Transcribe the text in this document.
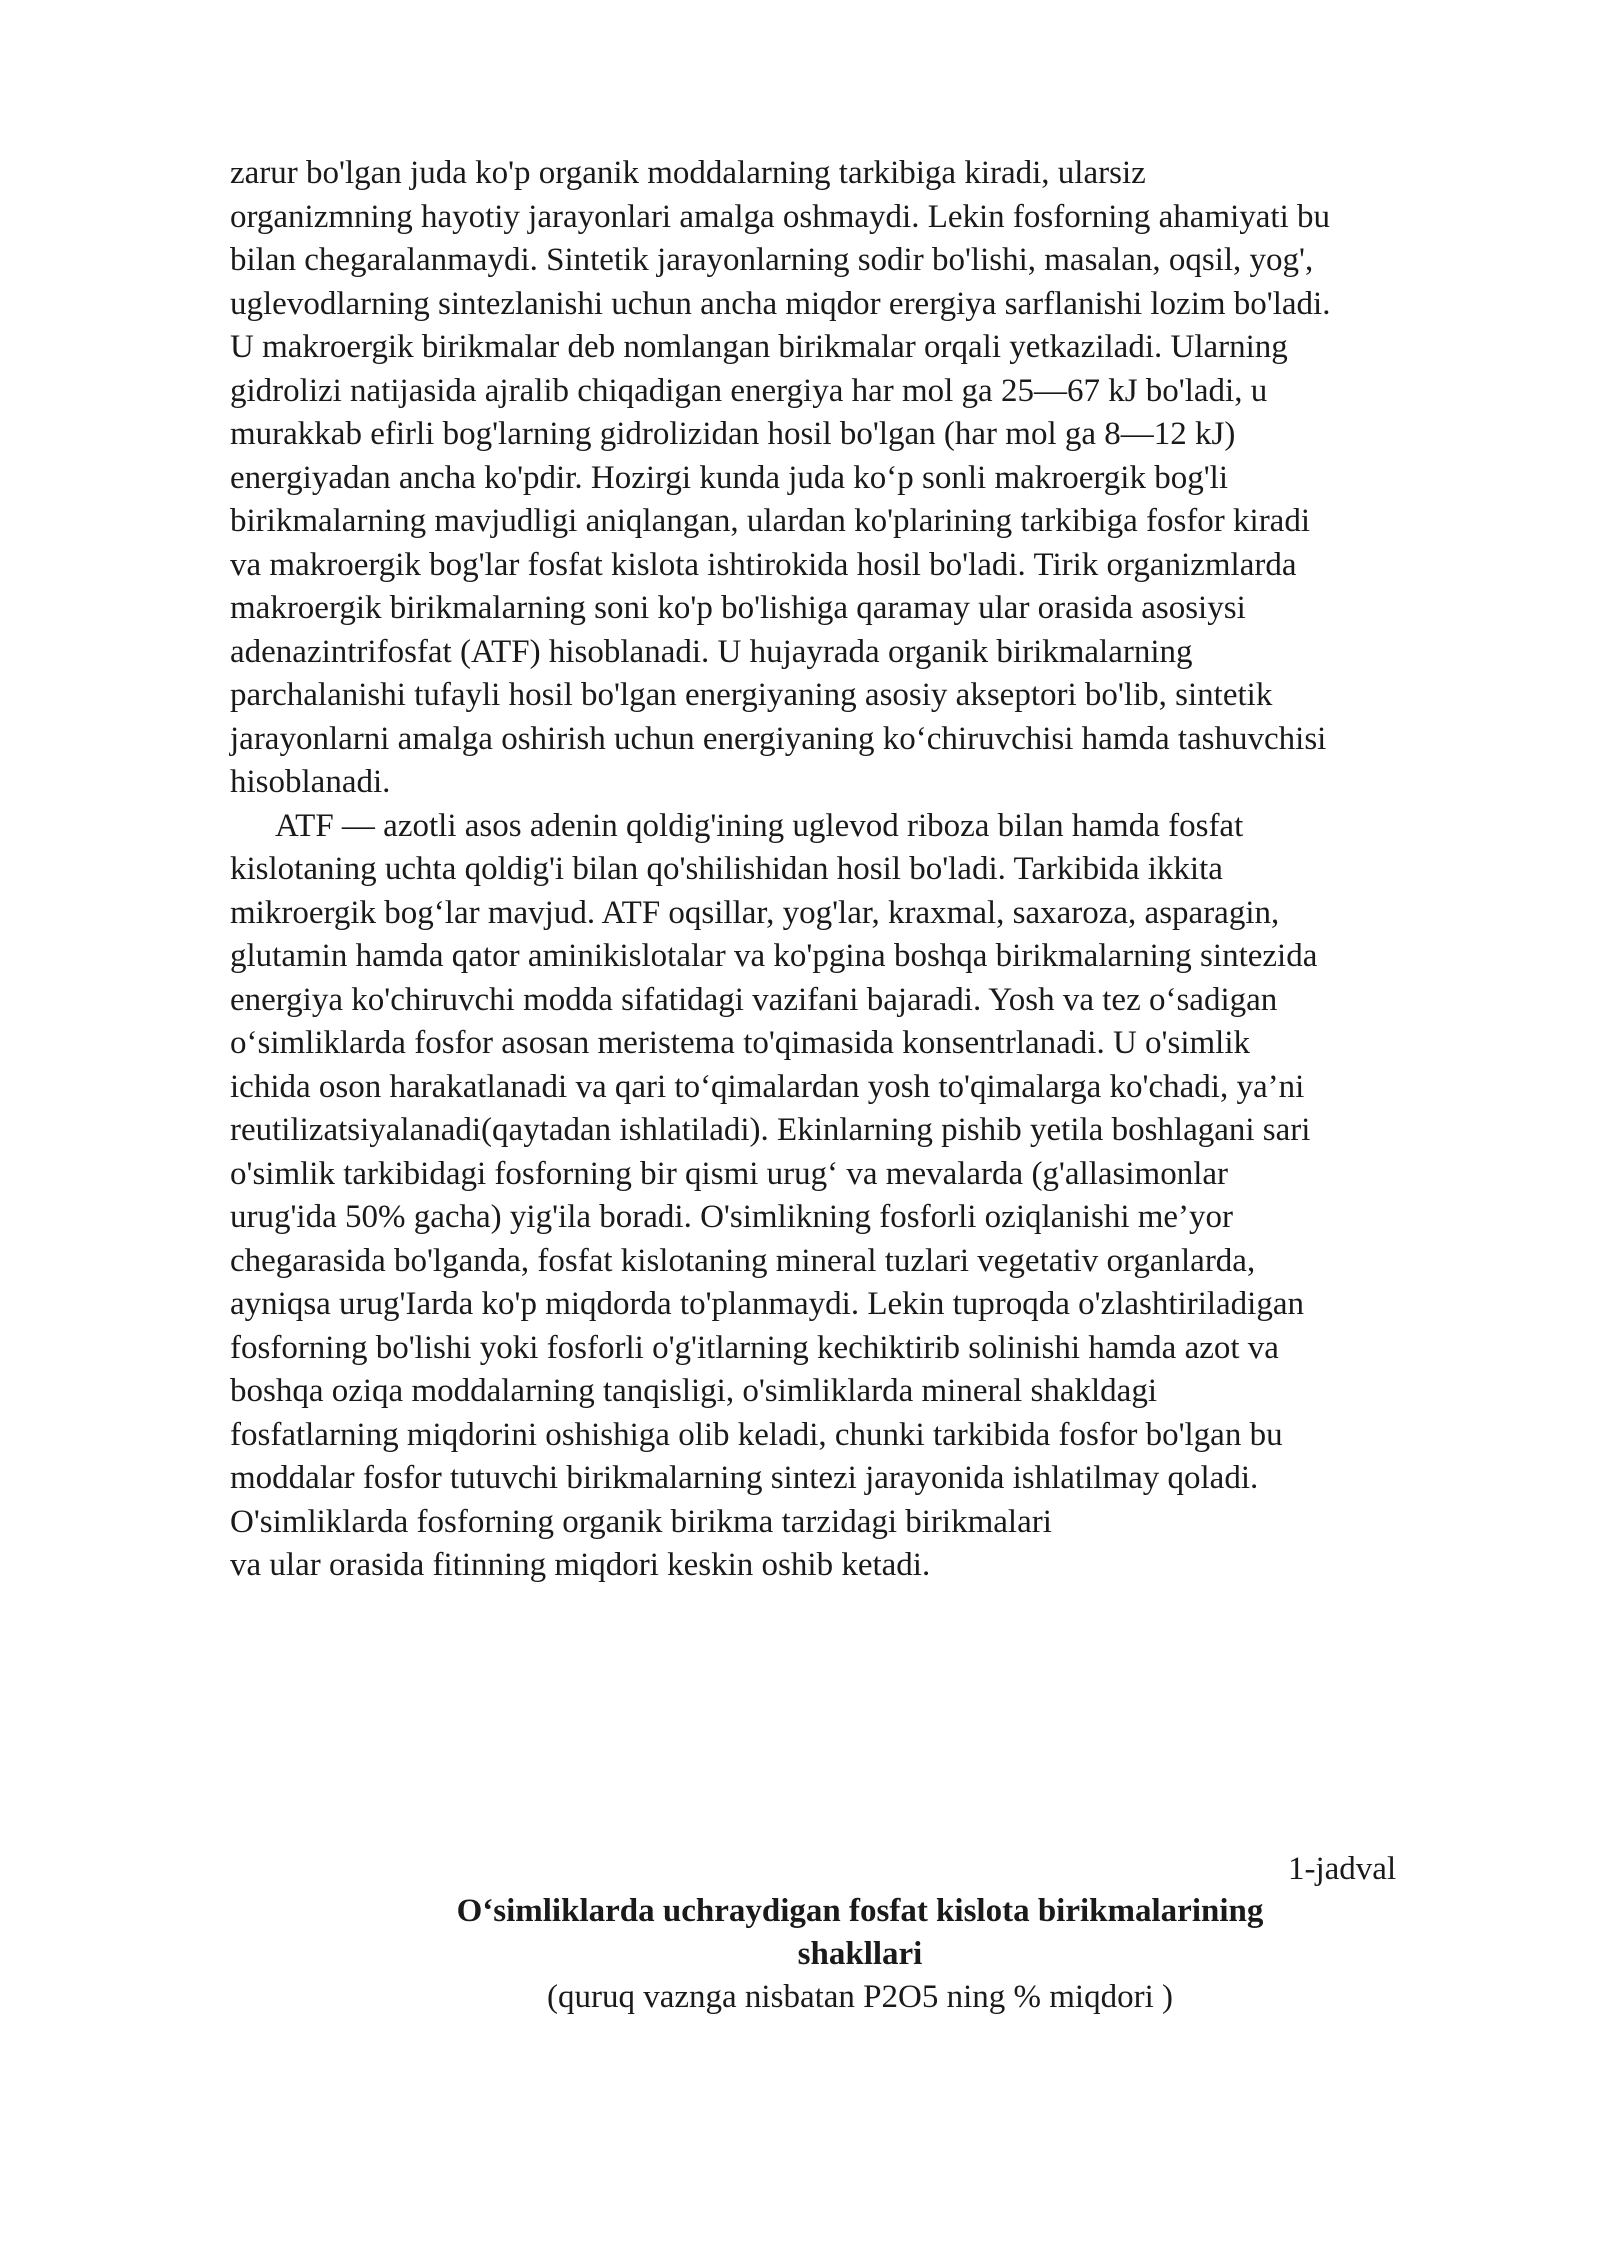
zarur bo'lgan juda ko'p organik moddalarning tarkibiga kiradi, ularsiz
organizmning hayotiy jarayonlari amalga oshmaydi. Lekin fosforning ahamiyati bu
bilan chegaralanmaydi. Sintetik jarayonlarning sodir bo'lishi, masalan, oqsil, yog',
uglevodlarning sintezlanishi uchun ancha miqdor erergiya sarflanishi lozim bo'ladi.
U makroergik birikmalar deb nomlangan birikmalar orqali yetkaziladi. Ularning
gidrolizi natijasida ajralib chiqadigan energiya har mol ga 25—67 kJ bo'ladi, u
murakkab efirli bog'larning gidrolizidan hosil bo'lgan (har mol ga 8—12 kJ)
energiyadan ancha ko'pdir. Hozirgi kunda juda ko‘p sonli makroergik bog'li
birikmalarning mavjudligi aniqlangan, ulardan ko'plarining tarkibiga fosfor kiradi
va makroergik bog'lar fosfat kislota ishtirokida hosil bo'ladi. Tirik organizmlarda
makroergik birikmalarning soni ko'p bo'lishiga qaramay ular orasida asosiysi
adenazintrifosfat (ATF) hisoblanadi. U hujayrada organik birikmalarning
parchalanishi tufayli hosil bo'lgan energiyaning asosiy akseptori bo'lib, sintetik
jarayonlarni amalga oshirish uchun energiyaning ko‘chiruvchisi hamda tashuvchisi
hisoblanadi.
ATF — azotli asos adenin qoldig'ining uglevod riboza bilan hamda fosfat
kislotaning uchta qoldig'i bilan qo'shilishidan hosil bo'ladi. Tarkibida ikkita
mikroergik bog‘lar mavjud. ATF oqsillar, yog'lar, kraxmal, saxaroza, asparagin,
glutamin hamda qator aminikislotalar va ko'pgina boshqa birikmalarning sintezida
energiya ko'chiruvchi modda sifatidagi vazifani bajaradi. Yosh va tez o‘sadigan
o‘simliklarda fosfor asosan meristema to'qimasida konsentrlanadi. U o'simlik
ichida oson harakatlanadi va qari to‘qimalardan yosh to'qimalarga ko'chadi, ya’ni
reutilizatsiyalanadi(qaytadan ishlatiladi). Ekinlarning pishib yetila boshlagani sari
o'simlik tarkibidagi fosforning bir qismi urug‘ va mevalarda (g'allasimonlar
urug'ida 50% gacha) yig'ila boradi. O'simlikning fosforli oziqlanishi me’yor
chegarasida bo'lganda, fosfat kislotaning mineral tuzlari vegetativ organlarda,
ayniqsa urug'Iarda ko'p miqdorda to'planmaydi. Lekin tuproqda o'zlashtiriladigan
fosforning bo'lishi yoki fosforli o'g'itlarning kechiktirib solinishi hamda azot va
boshqa oziqa moddalarning tanqisligi, o'simliklarda mineral shakldagi
fosfatlarning miqdorini oshishiga olib keladi, chunki tarkibida fosfor bo'lgan bu
moddalar fosfor tutuvchi birikmalarning sintezi jarayonida ishlatilmay qoladi.
O'simliklarda fosforning organik birikma tarzidagi birikmalari
va ular orasida fitinning miqdori keskin oshib ketadi.
1-jadval
O‘simliklarda uchraydigan fosfat kislota birikmalarining
shakllari
(quruq vaznga nisbatan P2O5 ning % miqdori )
